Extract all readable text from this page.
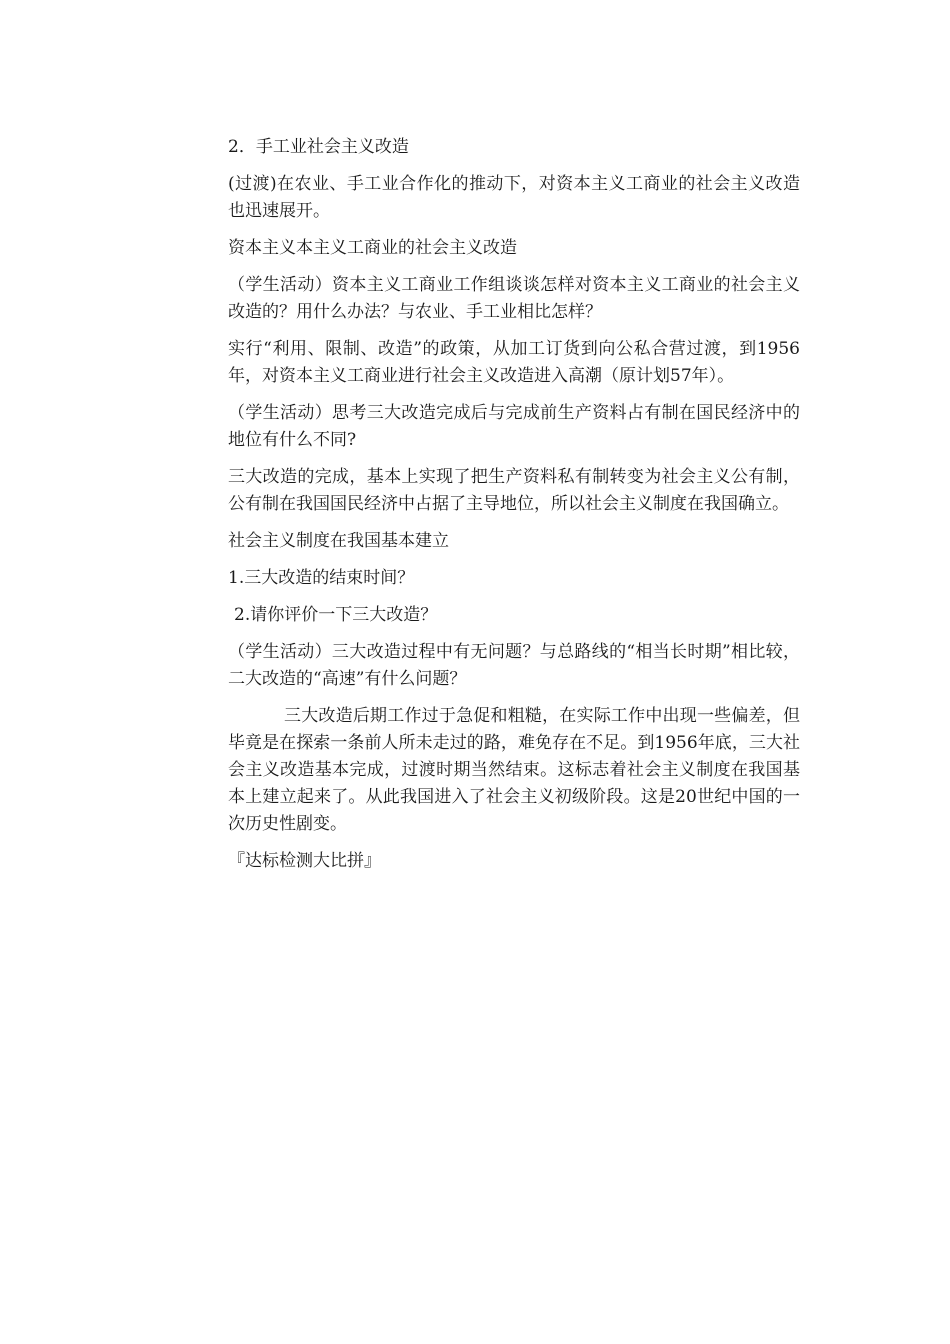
2．手工业社会主义改造

(过渡)在农业、手工业合作化的推动下，对资本主义工商业的社会主义改造也迅速展开。

资本主义本主义工商业的社会主义改造

（学生活动）资本主义工商业工作组谈谈怎样对资本主义工商业的社会主义改造的？用什么办法？与农业、手工业相比怎样？

实行“利用、限制、改造”的政策，从加工订货到向公私合营过渡，到1956年，对资本主义工商业进行社会主义改造进入高潮（原计划57年）。

（学生活动）思考三大改造完成后与完成前生产资料占有制在国民经济中的地位有什么不同?

三大改造的完成，基本上实现了把生产资料私有制转变为社会主义公有制，公有制在我国国民经济中占据了主导地位，所以社会主义制度在我国确立。

社会主义制度在我国基本建立

1.三大改造的结束时间？

2.请你评价一下三大改造？

（学生活动）三大改造过程中有无问题？与总路线的“相当长时期”相比较，二大改造的“高速”有什么问题？

三大改造后期工作过于急促和粗糙，在实际工作中出现一些偏差，但毕竟是在探索一条前人所未走过的路，难免存在不足。到1956年底，三大社会主义改造基本完成，过渡时期当然结束。这标志着社会主义制度在我国基本上建立起来了。从此我国进入了社会主义初级阶段。这是20世纪中国的一次历史性剧变。

『达标检测大比拼』
